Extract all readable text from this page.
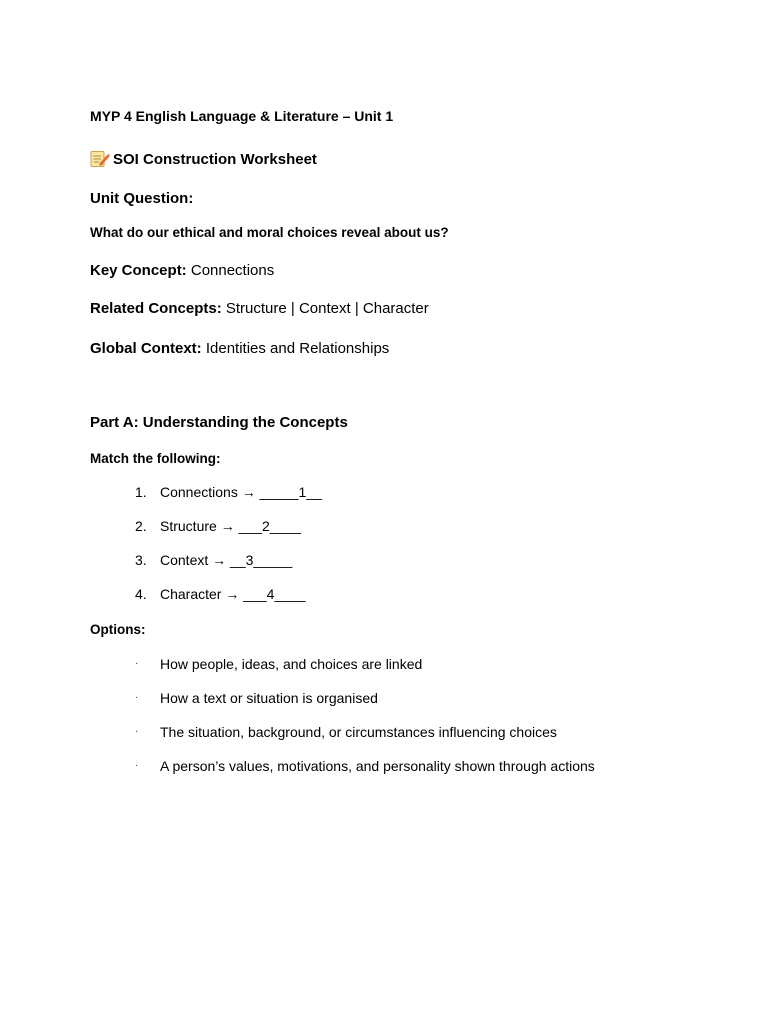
MYP 4 English Language & Literature – Unit 1
SOI Construction Worksheet
Unit Question:
What do our ethical and moral choices reveal about us?
Key Concept: Connections
Related Concepts: Structure | Context | Character
Global Context: Identities and Relationships
Part A: Understanding the Concepts
Match the following:
1. Connections → _____1__
2. Structure → ___2____
3. Context → __3_____
4. Character → ___4____
Options:
· How people, ideas, and choices are linked
· How a text or situation is organised
· The situation, background, or circumstances influencing choices
· A person’s values, motivations, and personality shown through actions
